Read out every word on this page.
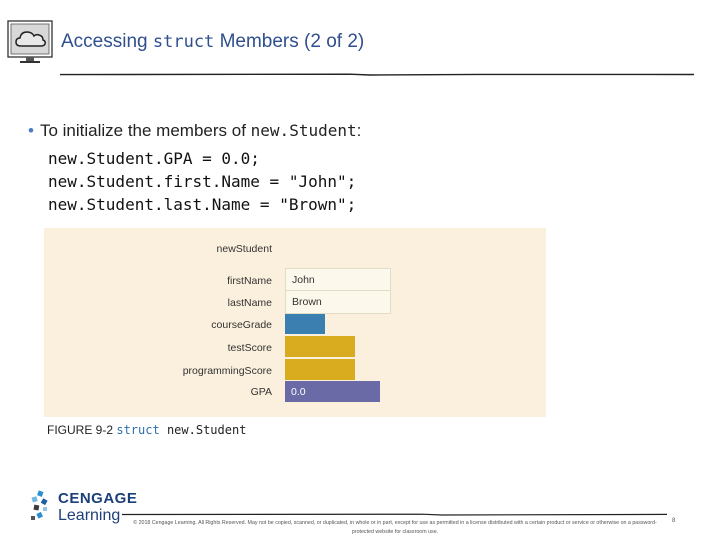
Accessing struct Members (2 of 2)
• To initialize the members of new.Student:
new.Student.GPA = 0.0;
new.Student.first.Name = "John";
new.Student.last.Name = "Brown";
newStudent
firstName John
lastName Brown
courseGrade
testScore
programmingScore
GPA 0.0
FIGURE 9-2 struct new.Student
CENGAGE
Learning	© 2018 Cengage Learning. All Rights Reserved. May not be copied, scanned, or duplicated, in whole or in part, except for use as permitted in a license distributed with a certain product or service or otherwise on a password-protected website for classroom use.
8
